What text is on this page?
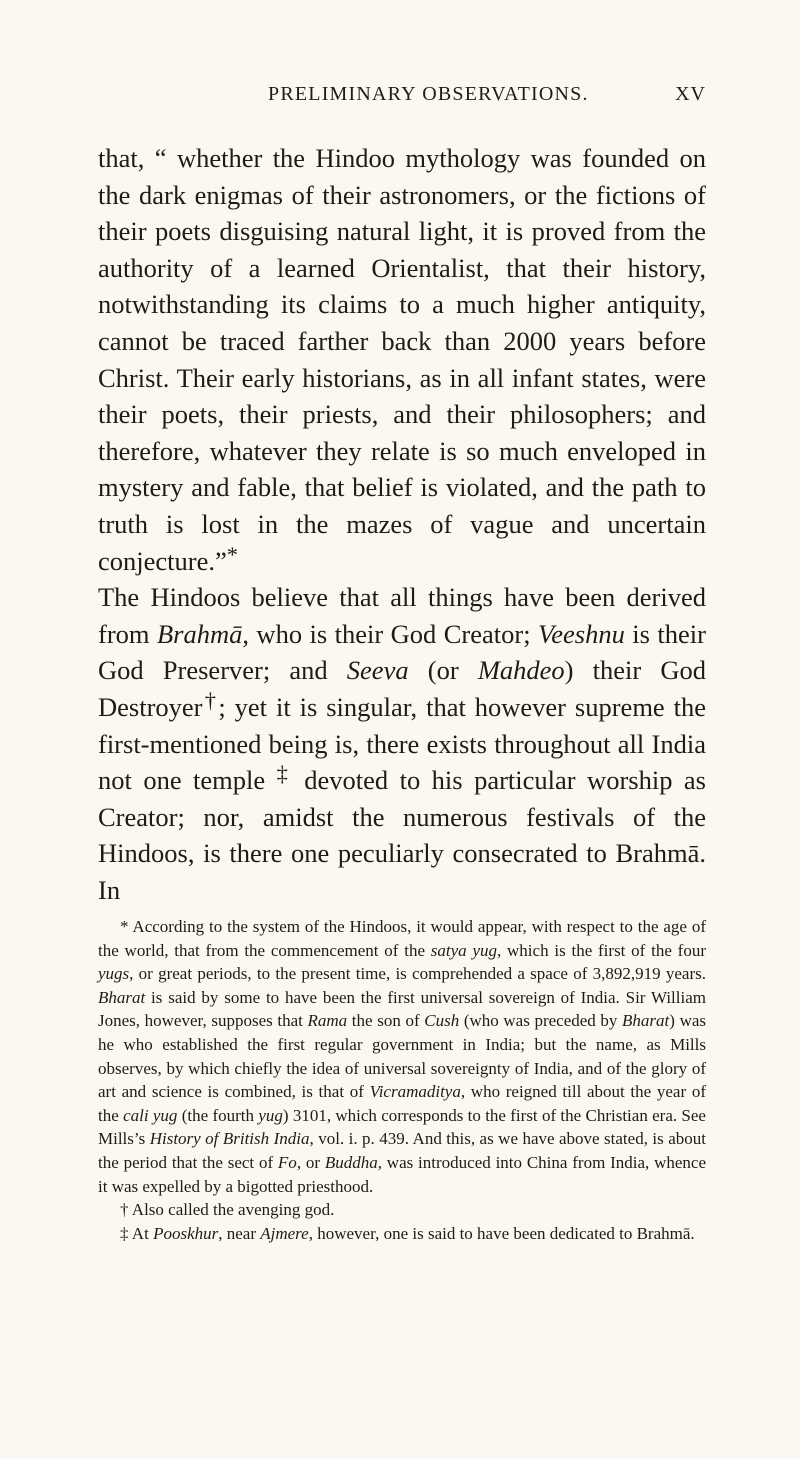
PRELIMINARY OBSERVATIONS.	XV

that, “ whether the Hindoo mythology was founded on the dark enigmas of their astronomers, or the fictions of their poets disguising natural light, it is proved from the authority of a learned Orientalist, that their history, notwithstanding its claims to a much higher antiquity, cannot be traced farther back than 2000 years before Christ. Their early historians, as in all infant states, were their poets, their priests, and their philosophers; and therefore, whatever they relate is so much enveloped in mystery and fable, that belief is violated, and the path to truth is lost in the mazes of vague and uncertain conjecture.”*

The Hindoos believe that all things have been derived from Brahmā, who is their God Creator; Veeshnu is their God Preserver; and Seeva (or Mahdeo) their God Destroyer†; yet it is singular, that however supreme the first-mentioned being is, there exists throughout all India not one temple ‡ devoted to his particular worship as Creator; nor, amidst the numerous festivals of the Hindoos, is there one peculiarly consecrated to Brahmā. In

* According to the system of the Hindoos, it would appear, with respect to the age of the world, that from the commencement of the satya yug, which is the first of the four yugs, or great periods, to the present time, is comprehended a space of 3,892,919 years. Bharat is said by some to have been the first universal sovereign of India. Sir William Jones, however, supposes that Rama the son of Cush (who was preceded by Bharat) was he who established the first regular government in India; but the name, as Mills observes, by which chiefly the idea of universal sovereignty of India, and of the glory of art and science is combined, is that of Vicramaditya, who reigned till about the year of the cali yug (the fourth yug) 3101, which corresponds to the first of the Christian era. See Mills’s History of British India, vol. i. p. 439. And this, as we have above stated, is about the period that the sect of Fo, or Buddha, was introduced into China from India, whence it was expelled by a bigotted priesthood.

† Also called the avenging god.

‡ At Pooskhur, near Ajmere, however, one is said to have been dedicated to Brahmā.
